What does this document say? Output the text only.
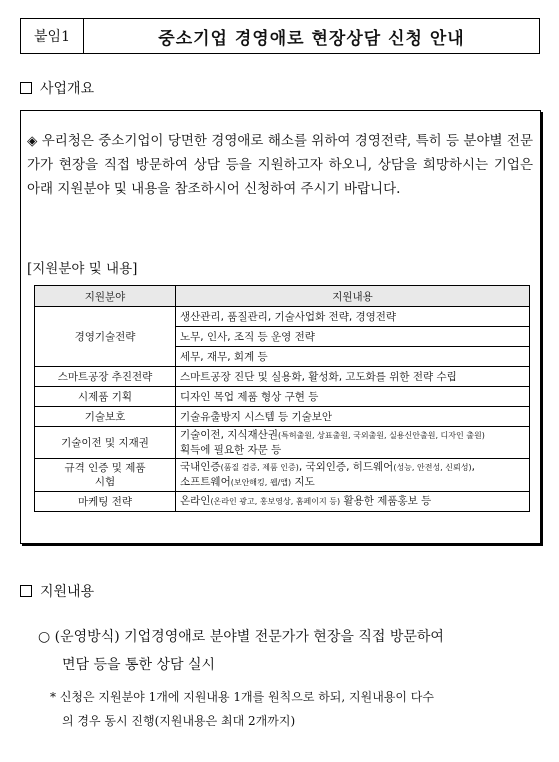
붙임1	중소기업 경영애로 현장상담 신청 안내
사업개요
◈ 우리청은 중소기업이 당면한 경영애로 해소를 위하여 경영전략, 특히 등 분야별 전문가가 현장을 직접 방문하여 상담 등을 지원하고자 하오니, 상담을 희망하시는 기업은 아래 지원분야 및 내용을 참조하시어 신청하여 주시기 바랍니다.
[지원분야 및 내용]
지원분야	지원내용
경영기술전략	생산관리, 품질관리, 기술사업화 전략, 경영전략
	노무, 인사, 조직 등 운영 전략
	세무, 재무, 회계 등
스마트공장 추진전략	스마트공장 진단 및 실용화, 활성화, 고도화를 위한 전략 수립
시제품 기획	디자인 목업 제품 형상 구현 등
기술보호	기술유출방지 시스템 등 기술보안
기술이전 및 지재권	기술이전, 지식재산권(특허출원, 상표출원, 국외출원, 실용신안출원, 디자인 출원)
획득에 필요한 자문 등
규격 인증 및 제품
시험	국내인증(품질 검증, 제품 인증), 국외인증, 히드웨어(성능, 안전성, 신뢰성),
소프트웨어(보안해킹, 웹/앱) 지도
마케팅 전략	온라인(온라인 광고, 홍보영상, 홈페이지 등) 활용한 제품홍보 등
지원내용
○ (운영방식) 기업경영애로 분야별 전문가가 현장을 직접 방문하여
면담 등을 통한 상담 실시
* 신청은 지원분야 1개에 지원내용 1개를 원칙으로 하되, 지원내용이 다수
의 경우 동시 진행(지원내용은 최대 2개까지)
